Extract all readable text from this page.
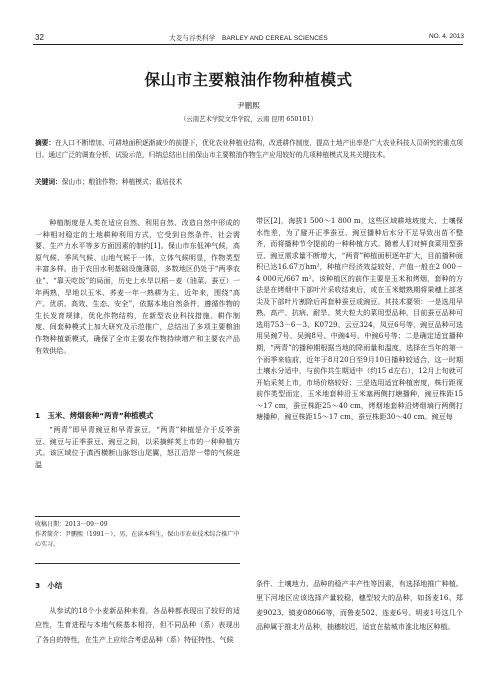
32	大麦与谷类科学　BARLEY AND CEREAL SCIENCES	NO. 4. 2013
保山市主要粮油作物种植模式
尹鹏熙
（云南艺术学院文华学院，云南 昆明 650101）
摘要：在人口不断增加、可耕地面积逐渐减少的前提下，优化农业种植业结构，改进耕作制度，提高土地产出率是广大农业科技人员研究的重点项目。通过广泛的调查分析，试验示范，归纳总结出目前保山市主要粮油作物生产应用较好的几项种植模式及其关键技术。
关键词：保山市；粮油作物；种植模式；栽培技术

种植制度是人类在适应自然、利用自然、改造自然中形成的一种相对稳定的土地耕种利用方式，它受到自然条件、社会需要、生产力水平等多方面因素的制约[1]。保山市东低神气候，高原气候、季风气候、山地气候于一体，立体气候明显，作物类型丰富多样。由于农田水利基础设施薄弱，多数地区仍处于“两季农业”、“靠天吃饭”的局面，历史上水旱以稻－麦（油菜、蚕豆）一年两熟，旱地以玉米、荞麦一年一熟耕为主。近年来，围绕“高产、优质、高效、生态、安全”，依据本地自然条件，遵循作物的生长发育规律，优化作物结构，在新型农业科技措施、耕作制度、间套种模式上加大研究及示范推广，总结出了多项主要粮油作物种植新模式，确保了全市主要农作物持续增产和主要农产品有效供给。

1　玉米、烤烟套种“两青”种植模式

“两青”即早青豌豆和早青蚕豆，“两青”种植是介于反季蚕豆、豌豆与正季蚕豆、豌豆之间，以采摘鲜荚上市的一种种植方式。该区域位于滇西横断山脉怒山尾翼，怒江沿岸一带的气候进温

收稿日期：2013－09－09
作者简介：尹鹏熙（1991－），男，在读本科生，保山市农业技术综合推广中心实习。
3　小结

从参试的18个小麦新品种来看，各品种都表现出了较好的适应性，生育进程与本地气候基本相符，但不同品种（系）表现出了各自的特性，在生产上应综合考虑品种（系）特征特性、气候

带区[2]，海拔1 500～1 800 m，这些区域耕地坡度大、土壤保水性差，为了避开正季蚕豆、豌豆播种后水分不足导致出苗不整齐，而将播种节令提前的一种种植方式。随着人们对鲜食菜用型蚕豆、豌豆需求量不断增大，“两青”种植面积逐年扩大，目前播种面积已达16.67万hm²，种植户经济效益较好，产值一般在2 000－4 000元/667 m²。该种植区的前作主要是玉米和烤烟，套种的方法是在烤烟中下部叶片采收结束后，或在玉米蜡熟期将果穗上部茎尖及下部叶片割除后再套种蚕豆或豌豆。其技术要领：一是选用早熟、高产、抗病、耐旱、荚大粒大的菜用型品种，目前蚕豆品种可选用753－6－3、K0729、云豆324，凤豆6号等，豌豆品种可选用吴豌7号、吴豌8号、中豌4号、中豌6号等；二是确定适宜播种期，“两青”的播种期根据当地的降雨量和温度，选择在当年的第一个雨季来临前，近年于8月20日至9月10日播种较适合，这一时期土壤水分适中，与前作共生期适中（约15 d左右），12月上旬就可开始采荚上市，市场价格较好；三是选用适宜种植密度，株行距视前作类型而定，玉米地套种沿玉米塞两侧打塘播种，豌豆株距15～17 cm，蚕豆株距25～40 cm，烤烟地套种沿烤烟墒行两侧打塘播种，豌豆株距15～17 cm，蚕豆株距30～40 cm。豌豆每

条件、土壤地力、品种的稳产丰产性等因素，有选择地推广种植。里下河地区应该选择产量较稳，穗型较大的品种，如扬麦16、郑麦9023、镇麦08066等，而鲁麦502、连麦6号、明麦1号这几个品种属于推北片品种，抽穗较迟，适宜在盐城市淮北地区种植。
